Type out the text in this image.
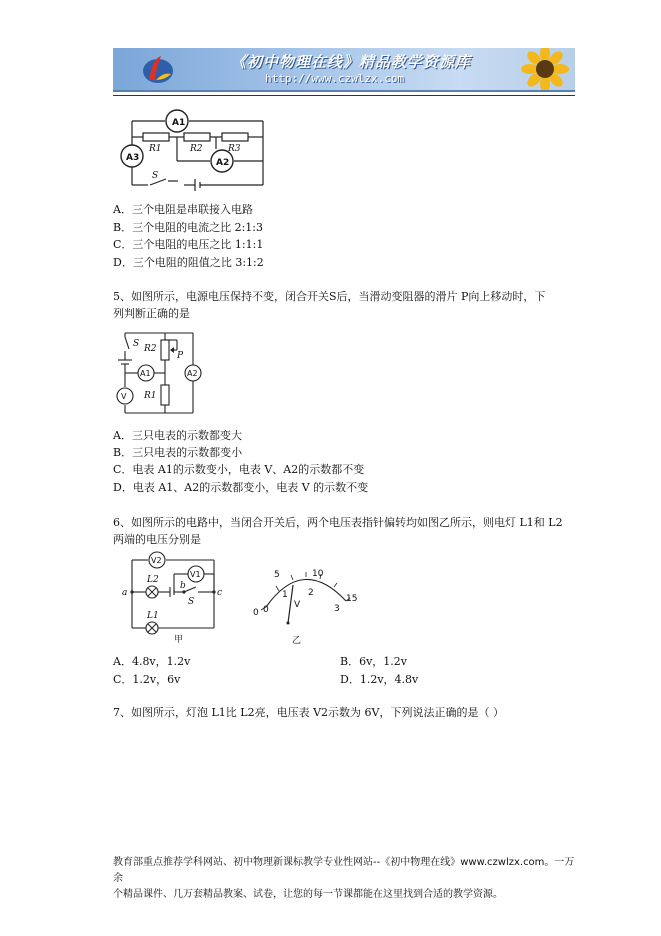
《初中物理在线》精品教学资源库
http://www.czwlzx.com
A1
A3	A2
R1	R2	R3
S
A．三个电阻是串联接入电路
B．三个电阻的电流之比 2:1:3
C．三个电阻的电压之比 1:1:1
D．三个电阻的阻值之比 3:1:2
5、如图所示，电源电压保持不变，闭合开关S后，当滑动变阻器的滑片 P向上移动时，下
列判断正确的是
V
A1	A2
S R2
P
R1
A．三只电表的示数都变大
B．三只电表的示数都变小
C．电表 A1的示数变小，电表 V、A2的示数都不变
D．电表 A1、A2的示数都变小，电表 V 的示数不变
6、如图所示的电路中，当闭合开关后，两个电压表指针偏转均如图乙所示，则电灯 L1和 L2
两端的电压分别是
V2
V1
L2
L1
a
b
c
S
甲
0
5	10
15
0
1 2
3
V
乙
A．4.8v，1.2v	B．6v，1.2v
C．1.2v，6v	D．1.2v，4.8v
7、如图所示，灯泡 L1比 L2亮，电压表 V2示数为 6V，下列说法正确的是（ ）
教育部重点推荐学科网站、初中物理新课标教学专业性网站--《初中物理在线》www.czwlzx.com。一万余
个精品课件、几万套精品教案、试卷，让您的每一节课都能在这里找到合适的教学资源。
